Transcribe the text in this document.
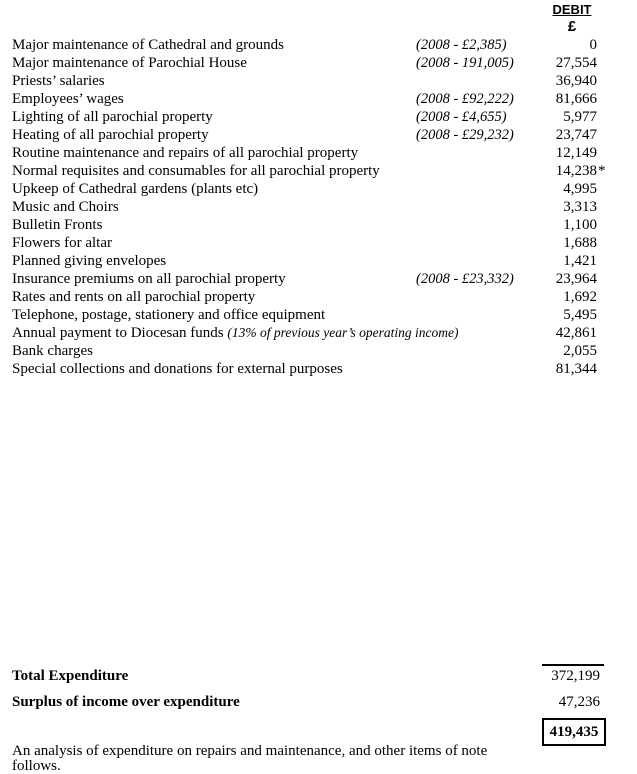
DEBIT
£
Major maintenance of Cathedral and grounds	(2008 - £2,385)	0
Major maintenance of Parochial House	(2008 - 191,005)	27,554
Priests’ salaries	36,940
Employees’ wages	(2008 - £92,222)	81,666
Lighting of all parochial property	(2008 - £4,655)	5,977
Heating of all parochial property	(2008 - £29,232)	23,747
Routine maintenance and repairs of all parochial property	12,149
Normal requisites and consumables for all parochial property	14,238 *
Upkeep of Cathedral gardens (plants etc)	4,995
Music and Choirs	3,313
Bulletin Fronts	1,100
Flowers for altar	1,688
Planned giving envelopes	1,421
Insurance premiums on all parochial property	(2008 - £23,332)	23,964
Rates and rents on all parochial property	1,692
Telephone, postage, stationery and office equipment	5,495
Annual payment to Diocesan funds (13% of previous year’s operating income)	42,861
Bank charges	2,055
Special collections and donations for external purposes	81,344
Total Expenditure	372,199
Surplus of income over expenditure	47,236
419,435
An analysis of expenditure on repairs and maintenance, and other items of note follows.
